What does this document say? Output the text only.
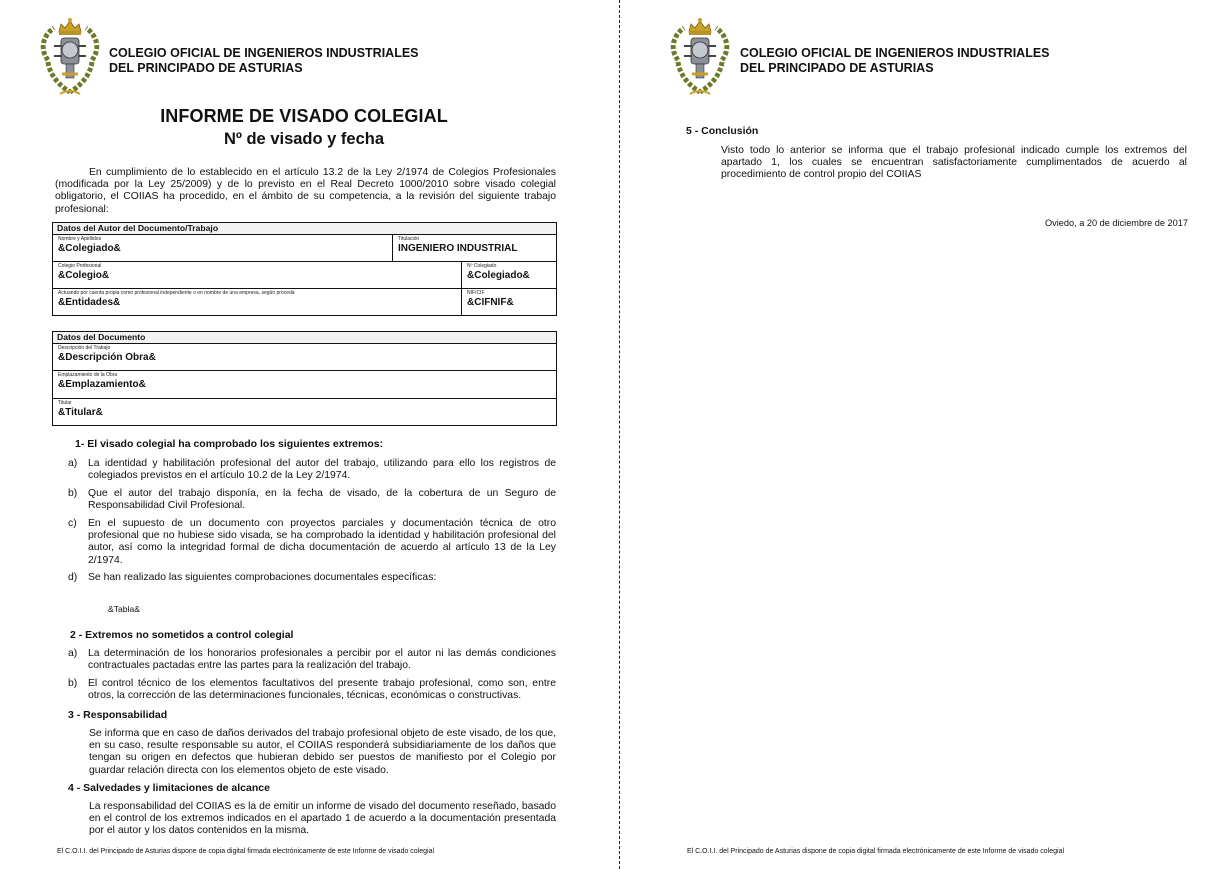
COLEGIO OFICIAL DE INGENIEROS INDUSTRIALES
DEL PRINCIPADO DE ASTURIAS
INFORME DE VISADO COLEGIAL
Nº de visado y fecha
En cumplimiento de lo establecido en el artículo 13.2 de la Ley 2/1974 de Colegios Profesionales (modificada por la Ley 25/2009) y de lo previsto en el Real Decreto 1000/2010 sobre visado colegial obligatorio, el COIIAS ha procedido, en el ámbito de su competencia, a la revisión del siguiente trabajo profesional:
Datos del Autor del Documento/Trabajo
Nombre y Apellidos
&Colegiado&
Titulación
INGENIERO INDUSTRIAL
Colegio Profesional
&Colegio&
Nº Colegiado
&Colegiado&
Actuando por cuenta propia como profesional independiente o en nombre de una empresa, según proceda
&Entidades&
NIF/CIF
&CIFNIF&
Datos del Documento
Descripción del Trabajo
&Descripción Obra&
Emplazamiento de la Obra
&Emplazamiento&
Titular
&Titular&
1- El visado colegial ha comprobado los siguientes extremos:
a) La identidad y habilitación profesional del autor del trabajo, utilizando para ello los registros de colegiados previstos en el artículo 10.2 de la Ley 2/1974.
b) Que el autor del trabajo disponía, en la fecha de visado, de la cobertura de un Seguro de Responsabilidad Civil Profesional.
c) En el supuesto de un documento con proyectos parciales y documentación técnica de otro profesional que no hubiese sido visada, se ha comprobado la identidad y habilitación profesional del autor, así como la integridad formal de dicha documentación de acuerdo al artículo 13 de la Ley 2/1974.
d) Se han realizado las siguientes comprobaciones documentales específicas:
&Tabla&
2 - Extremos no sometidos a control colegial
a) La determinación de los honorarios profesionales a percibir por el autor ni las demás condiciones contractuales pactadas entre las partes para la realización del trabajo.
b) El control técnico de los elementos facultativos del presente trabajo profesional, como son, entre otros, la corrección de las determinaciones funcionales, técnicas, económicas o constructivas.
3 - Responsabilidad
Se informa que en caso de daños derivados del trabajo profesional objeto de este visado, de los que, en su caso, resulte responsable su autor, el COIIAS responderá subsidiariamente de los daños que tengan su origen en defectos que hubieran debido ser puestos de manifiesto por el Colegio por guardar relación directa con los elementos objeto de este visado.
4 - Salvedades y limitaciones de alcance
La responsabilidad del COIIAS es la de emitir un informe de visado del documento reseñado, basado en el control de los extremos indicados en el apartado 1 de acuerdo a la documentación presentada por el autor y los datos contenidos en la misma.
El C.O.I.I. del Principado de Asturias dispone de copia digital firmada electrónicamente de este Informe de visado colegial
COLEGIO OFICIAL DE INGENIEROS INDUSTRIALES
DEL PRINCIPADO DE ASTURIAS
5 - Conclusión
Visto todo lo anterior se informa que el trabajo profesional indicado cumple los extremos del apartado 1, los cuales se encuentran satisfactoriamente cumplimentados de acuerdo al procedimiento de control propio del COIIAS
Oviedo, a 20 de diciembre de 2017
El C.O.I.I. del Principado de Asturias dispone de copia digital firmada electrónicamente de este Informe de visado colegial
